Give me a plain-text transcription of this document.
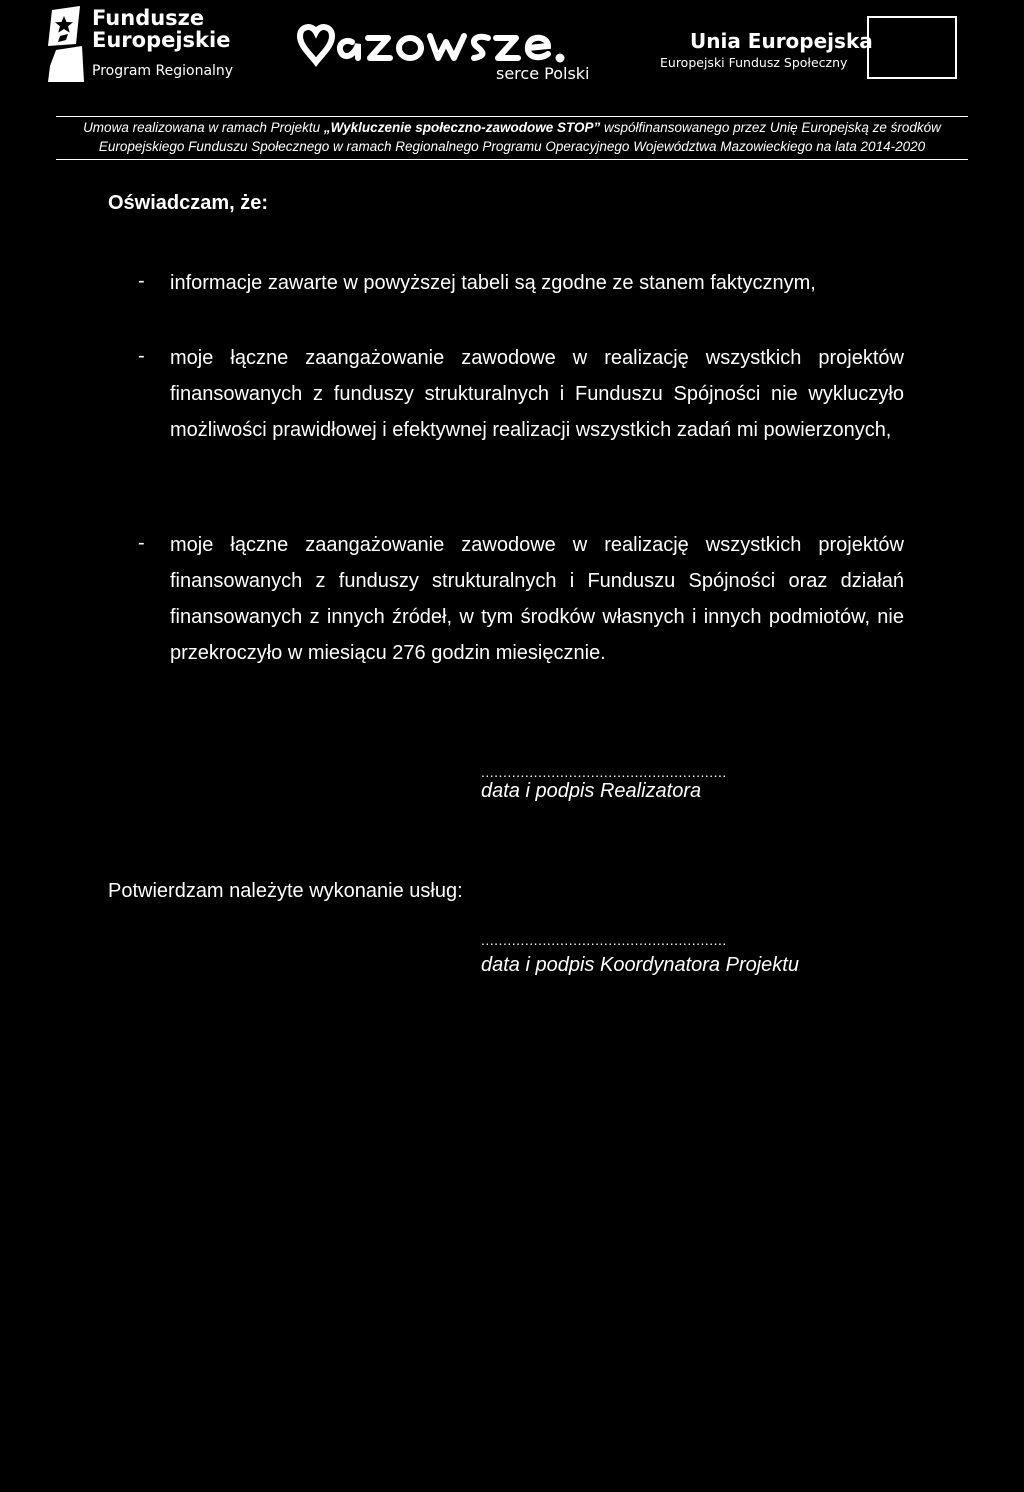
Fundusze
Europejskie
Program Regionalny	serce Polski
Unia Europejska
Europejski Fundusz Społeczny
Umowa realizowana w ramach Projektu „Wykluczenie społeczno-zawodowe STOP” współfinansowanego przez Unię Europejską ze środków
Europejskiego Funduszu Społecznego w ramach Regionalnego Programu Operacyjnego Województwa Mazowieckiego na lata 2014-2020
Oświadczam, że:
- informacje zawarte w powyższej tabeli są zgodne ze stanem faktycznym,
- moje łączne zaangażowanie zawodowe w realizację wszystkich projektów finansowanych z funduszy strukturalnych i Funduszu Spójności nie wykluczyło możliwości prawidłowej i efektywnej realizacji wszystkich zadań mi powierzonych,
- moje łączne zaangażowanie zawodowe w realizację wszystkich projektów finansowanych z funduszy strukturalnych i Funduszu Spójności oraz działań finansowanych z innych źródeł, w tym środków własnych i innych podmiotów, nie przekroczyło w miesiącu 276 godzin miesięcznie.
........................................................
data i podpis Realizatora
Potwierdzam należyte wykonanie usług:
........................................................
data i podpis Koordynatora Projektu
